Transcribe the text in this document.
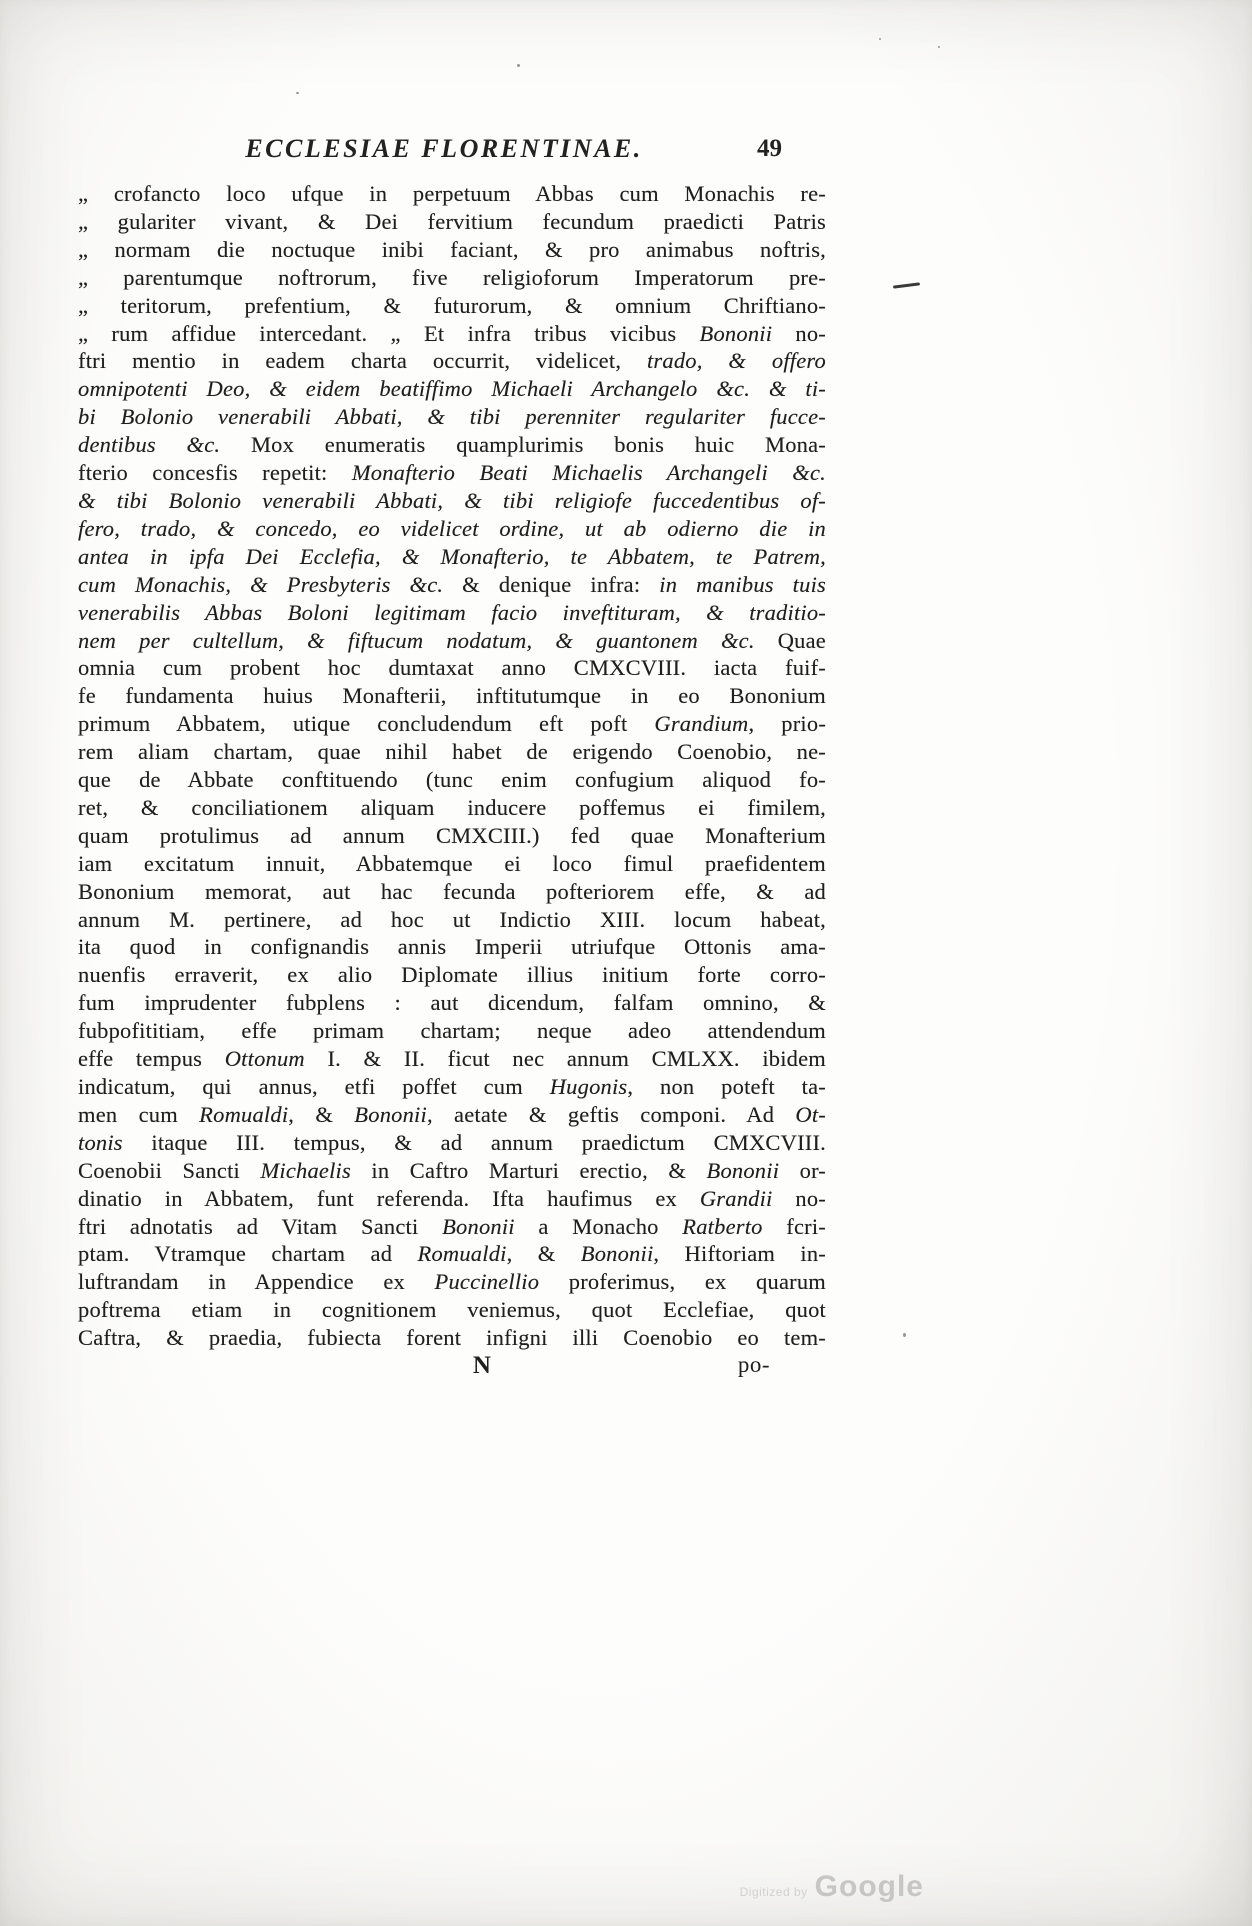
ECCLESIAE FLORENTINAE.	49
„ crofancto loco ufque in perpetuum Abbas cum Monachis re-
„ gulariter vivant, & Dei fervitium fecundum praedicti Patris
„ normam die noctuque inibi faciant, & pro animabus noftris,
„ parentumque noftrorum, five religioforum Imperatorum pre-
„ teritorum, prefentium, & futurorum, & omnium Chriftiano-
„ rum affidue intercedant. „ Et infra tribus vicibus Bononii no-
ftri mentio in eadem charta occurrit, videlicet, trado, & offero
omnipotenti Deo, & eidem beatiffimo Michaeli Archangelo &c. & ti-
bi Bolonio venerabili Abbati, & tibi perenniter regulariter fucce-
dentibus &c. Mox enumeratis quamplurimis bonis huic Mona-
fterio concesfis repetit: Monafterio Beati Michaelis Archangeli &c.
& tibi Bolonio venerabili Abbati, & tibi religiofe fuccedentibus of-
fero, trado, & concedo, eo videlicet ordine, ut ab odierno die in
antea in ipfa Dei Ecclefia, & Monafterio, te Abbatem, te Patrem,
cum Monachis, & Presbyteris &c. & denique infra: in manibus tuis
venerabilis Abbas Boloni legitimam facio inveftituram, & traditio-
nem per cultellum, & fiftucum nodatum, & guantonem &c. Quae
omnia cum probent hoc dumtaxat anno CMXCVIII. iacta fuif-
fe fundamenta huius Monafterii, inftitutumque in eo Bononium
primum Abbatem, utique concludendum eft poft Grandium, prio-
rem aliam chartam, quae nihil habet de erigendo Coenobio, ne-
que de Abbate conftituendo (tunc enim confugium aliquod fo-
ret, & conciliationem aliquam inducere poffemus ei fimilem,
quam protulimus ad annum CMXCIII.) fed quae Monafterium
iam excitatum innuit, Abbatemque ei loco fimul praefidentem
Bononium memorat, aut hac fecunda pofteriorem effe, & ad
annum M. pertinere, ad hoc ut Indictio XIII. locum habeat,
ita quod in confignandis annis Imperii utriufque Ottonis ama-
nuenfis erraverit, ex alio Diplomate illius initium forte corro-
fum imprudenter fubplens : aut dicendum, falfam omnino, &
fubpofititiam, effe primam chartam; neque adeo attendendum
effe tempus Ottonum I. & II. ficut nec annum CMLXX. ibidem
indicatum, qui annus, etfi poffet cum Hugonis, non poteft ta-
men cum Romualdi, & Bononii, aetate & geftis componi. Ad Ot-
tonis itaque III. tempus, & ad annum praedictum CMXCVIII.
Coenobii Sancti Michaelis in Caftro Marturi erectio, & Bononii or-
dinatio in Abbatem, funt referenda. Ifta haufimus ex Grandii no-
ftri adnotatis ad Vitam Sancti Bononii a Monacho Ratberto fcri-
ptam. Vtramque chartam ad Romualdi, & Bononii, Hiftoriam in-
luftrandam in Appendice ex Puccinellio proferimus, ex quarum
poftrema etiam in cognitionem veniemus, quot Ecclefiae, quot
Caftra, & praedia, fubiecta forent infigni illi Coenobio eo tem-
N	po-
Digitized by Google
